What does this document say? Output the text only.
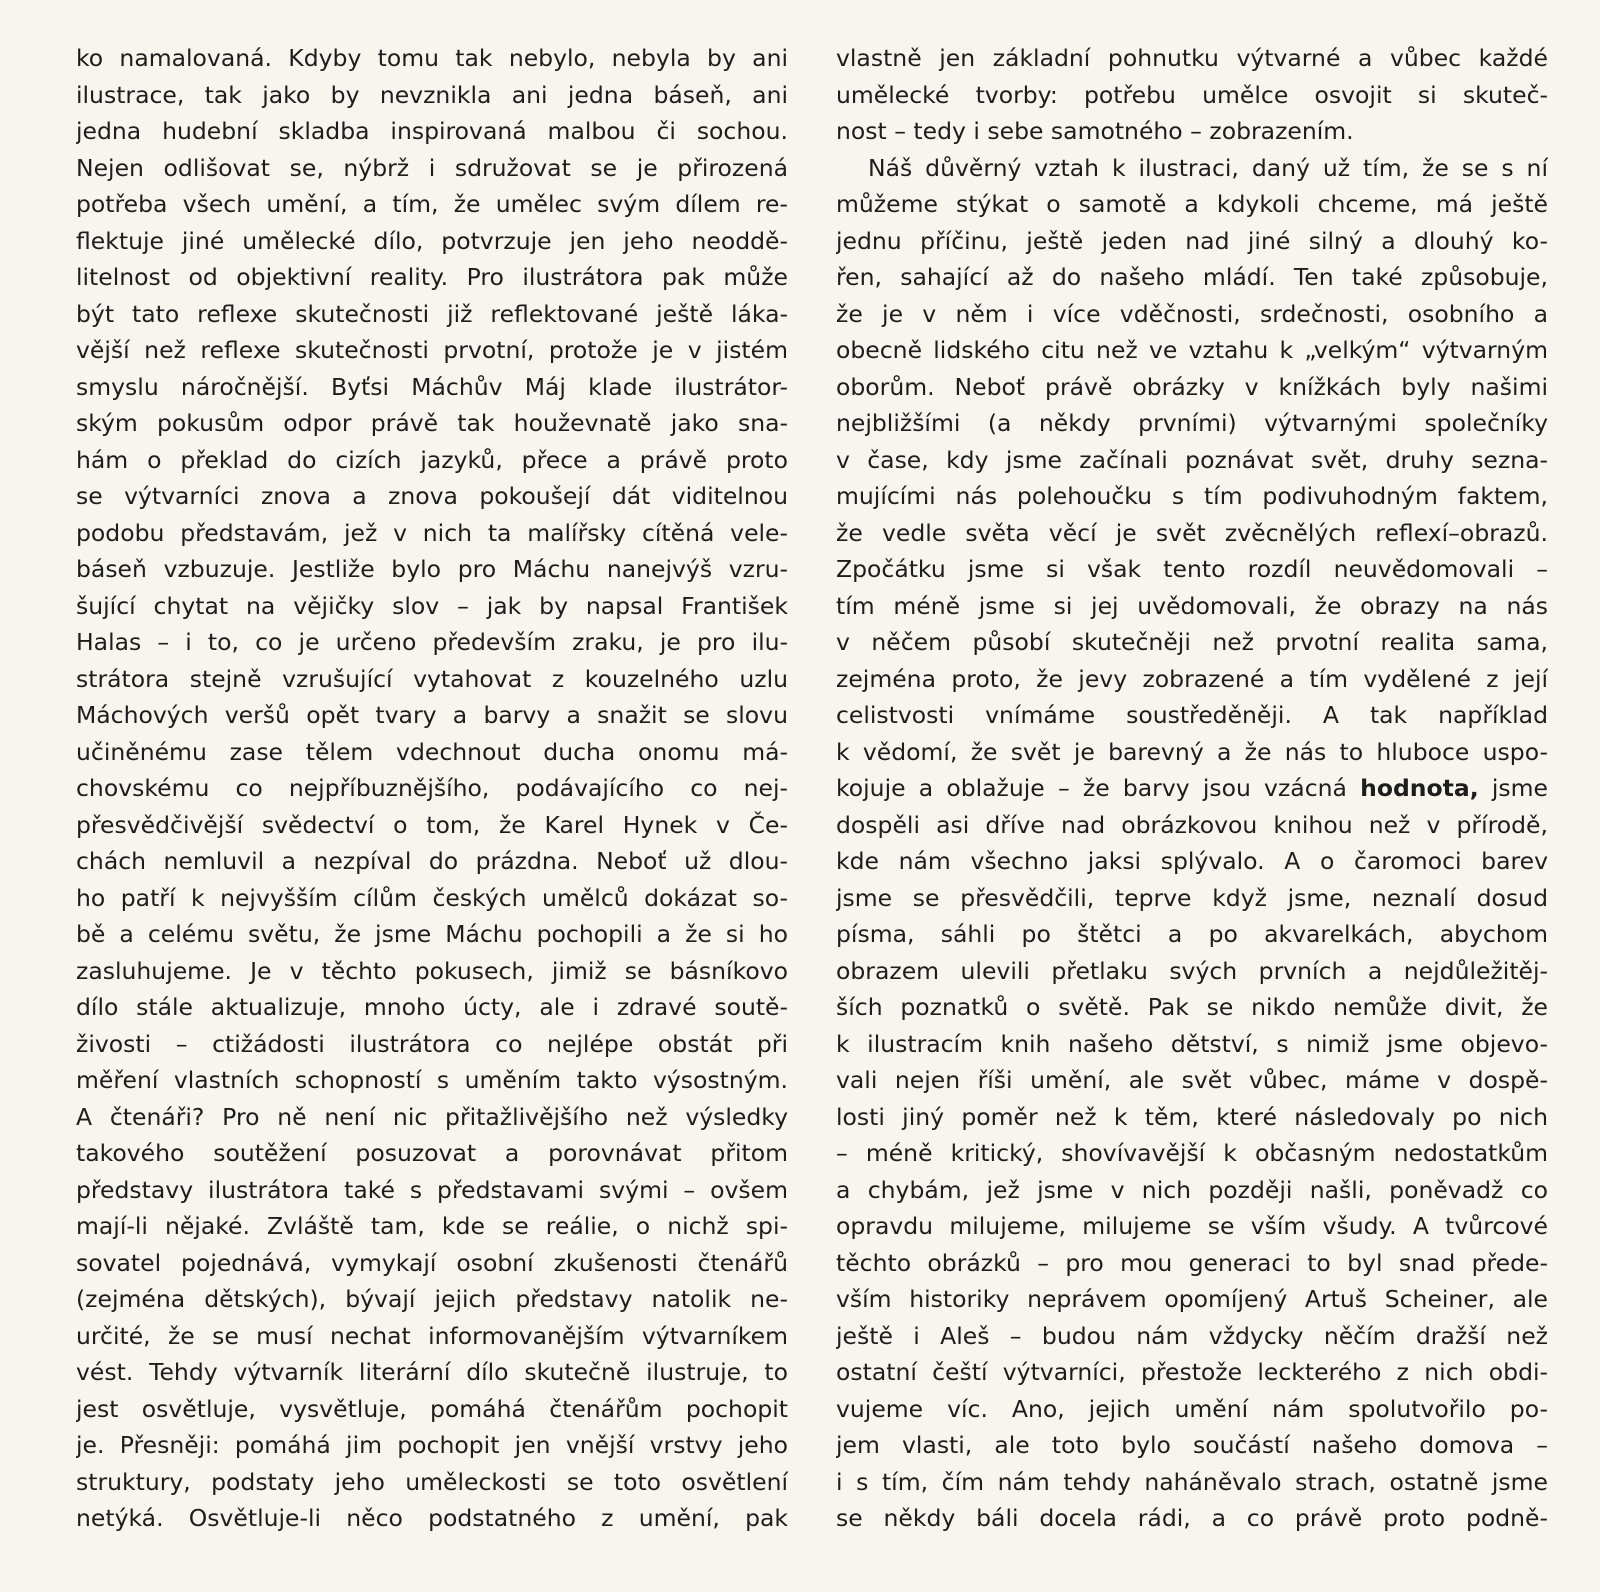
ko namalovaná. Kdyby tomu tak nebylo, nebyla by ani
ilustrace, tak jako by nevznikla ani jedna báseň, ani
jedna hudební skladba inspirovaná malbou či sochou.
Nejen odlišovat se, nýbrž i sdružovat se je přirozená
potřeba všech umění, a tím, že umělec svým dílem re-
flektuje jiné umělecké dílo, potvrzuje jen jeho neoddě-
litelnost od objektivní reality. Pro ilustrátora pak může
být tato reflexe skutečnosti již reflektované ještě láka-
vější než reflexe skutečnosti prvotní, protože je v jistém
smyslu náročnější. Byťsi Máchův Máj klade ilustrátor-
ským pokusům odpor právě tak houževnatě jako sna-
hám o překlad do cizích jazyků, přece a právě proto
se výtvarníci znova a znova pokoušejí dát viditelnou
podobu představám, jež v nich ta malířsky cítěná vele-
báseň vzbuzuje. Jestliže bylo pro Máchu nanejvýš vzru-
šující chytat na vějičky slov – jak by napsal František
Halas – i to, co je určeno především zraku, je pro ilu-
strátora stejně vzrušující vytahovat z kouzelného uzlu
Máchových veršů opět tvary a barvy a snažit se slovu
učiněnému zase tělem vdechnout ducha onomu má-
chovskému co nejpříbuznějšího, podávajícího co nej-
přesvědčivější svědectví o tom, že Karel Hynek v Če-
chách nemluvil a nezpíval do prázdna. Neboť už dlou-
ho patří k nejvyšším cílům českých umělců dokázat so-
bě a celému světu, že jsme Máchu pochopili a že si ho
zasluhujeme. Je v těchto pokusech, jimiž se básníkovo
dílo stále aktualizuje, mnoho úcty, ale i zdravé soutě-
živosti – ctižádosti ilustrátora co nejlépe obstát při
měření vlastních schopností s uměním takto výsostným.
A čtenáři? Pro ně není nic přitažlivějšího než výsledky
takového soutěžení posuzovat a porovnávat přitom
představy ilustrátora také s představami svými – ovšem
mají-li nějaké. Zvláště tam, kde se reálie, o nichž spi-
sovatel pojednává, vymykají osobní zkušenosti čtenářů
(zejména dětských), bývají jejich představy natolik ne-
určité, že se musí nechat informovanějším výtvarníkem
vést. Tehdy výtvarník literární dílo skutečně ilustruje, to
jest osvětluje, vysvětluje, pomáhá čtenářům pochopit
je. Přesněji: pomáhá jim pochopit jen vnější vrstvy jeho
struktury, podstaty jeho uměleckosti se toto osvětlení
netýká. Osvětluje-li něco podstatného z umění, pak
vlastně jen základní pohnutku výtvarné a vůbec každé
umělecké tvorby: potřebu umělce osvojit si skuteč-
nost – tedy i sebe samotného – zobrazením.
Náš důvěrný vztah k ilustraci, daný už tím, že se s ní
můžeme stýkat o samotě a kdykoli chceme, má ještě
jednu příčinu, ještě jeden nad jiné silný a dlouhý ko-
řen, sahající až do našeho mládí. Ten také způsobuje,
že je v něm i více vděčnosti, srdečnosti, osobního a
obecně lidského citu než ve vztahu k „velkým“ výtvarným
oborům. Neboť právě obrázky v knížkách byly našimi
nejbližšími (a někdy prvními) výtvarnými společníky
v čase, kdy jsme začínali poznávat svět, druhy sezna-
mujícími nás polehoučku s tím podivuhodným faktem,
že vedle světa věcí je svět zvěcnělých reflexí–obrazů.
Zpočátku jsme si však tento rozdíl neuvědomovali –
tím méně jsme si jej uvědomovali, že obrazy na nás
v něčem působí skutečněji než prvotní realita sama,
zejména proto, že jevy zobrazené a tím vydělené z její
celistvosti vnímáme soustředěněji. A tak například
k vědomí, že svět je barevný a že nás to hluboce uspo-
kojuje a oblažuje – že barvy jsou vzácná hodnota, jsme
dospěli asi dříve nad obrázkovou knihou než v přírodě,
kde nám všechno jaksi splývalo. A o čaromoci barev
jsme se přesvědčili, teprve když jsme, neznalí dosud
písma, sáhli po štětci a po akvarelkách, abychom
obrazem ulevili přetlaku svých prvních a nejdůležitěj-
ších poznatků o světě. Pak se nikdo nemůže divit, že
k ilustracím knih našeho dětství, s nimiž jsme objevo-
vali nejen říši umění, ale svět vůbec, máme v dospě-
losti jiný poměr než k těm, které následovaly po nich
– méně kritický, shovívavější k občasným nedostatkům
a chybám, jež jsme v nich později našli, poněvadž co
opravdu milujeme, milujeme se vším všudy. A tvůrcové
těchto obrázků – pro mou generaci to byl snad přede-
vším historiky neprávem opomíjený Artuš Scheiner, ale
ještě i Aleš – budou nám vždycky něčím dražší než
ostatní čeští výtvarníci, přestože leckterého z nich obdi-
vujeme víc. Ano, jejich umění nám spolutvořilo po-
jem vlasti, ale toto bylo součástí našeho domova –
i s tím, čím nám tehdy naháněvalo strach, ostatně jsme
se někdy báli docela rádi, a co právě proto podně-
